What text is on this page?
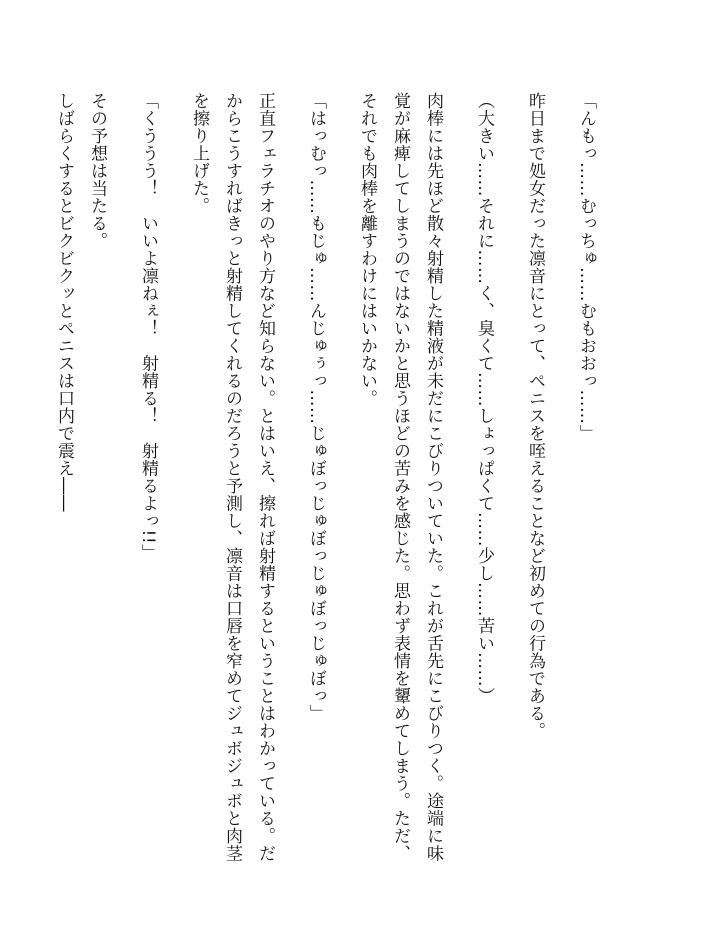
「んもっ……むっちゅ……むもおおっ……」

昨日まで処女だった凛音にとって、ペニスを咥えることなど初めての行為である。

（大きい……それに……く、臭くて……しょっぱくて……少し……苦い……）

肉棒には先ほど散々射精した精液が未だにこびりついていた。これが舌先にこびりつく。途端に味覚が麻痺してしまうのではないかと思うほどの苦みを感じた。思わず表情を顰めてしまう。ただ、それでも肉棒を離すわけにはいかない。

「はっむっ……もじゅ……んじゅぅっ……じゅぼっじゅぼっじゅぼっじゅぼっ」

正直フェラチオのやり方など知らない。とはいえ、擦れば射精するということはわかっている。だからこうすればきっと射精してくれるのだろうと予測し、凛音は口唇を窄めてジュボジュボと肉茎を擦り上げた。

「くううう！　いいよ凛ねぇ！　射精る！　射精るよっ!!」

その予想は当たる。

しばらくするとビクビクッとペニスは口内で震え――
